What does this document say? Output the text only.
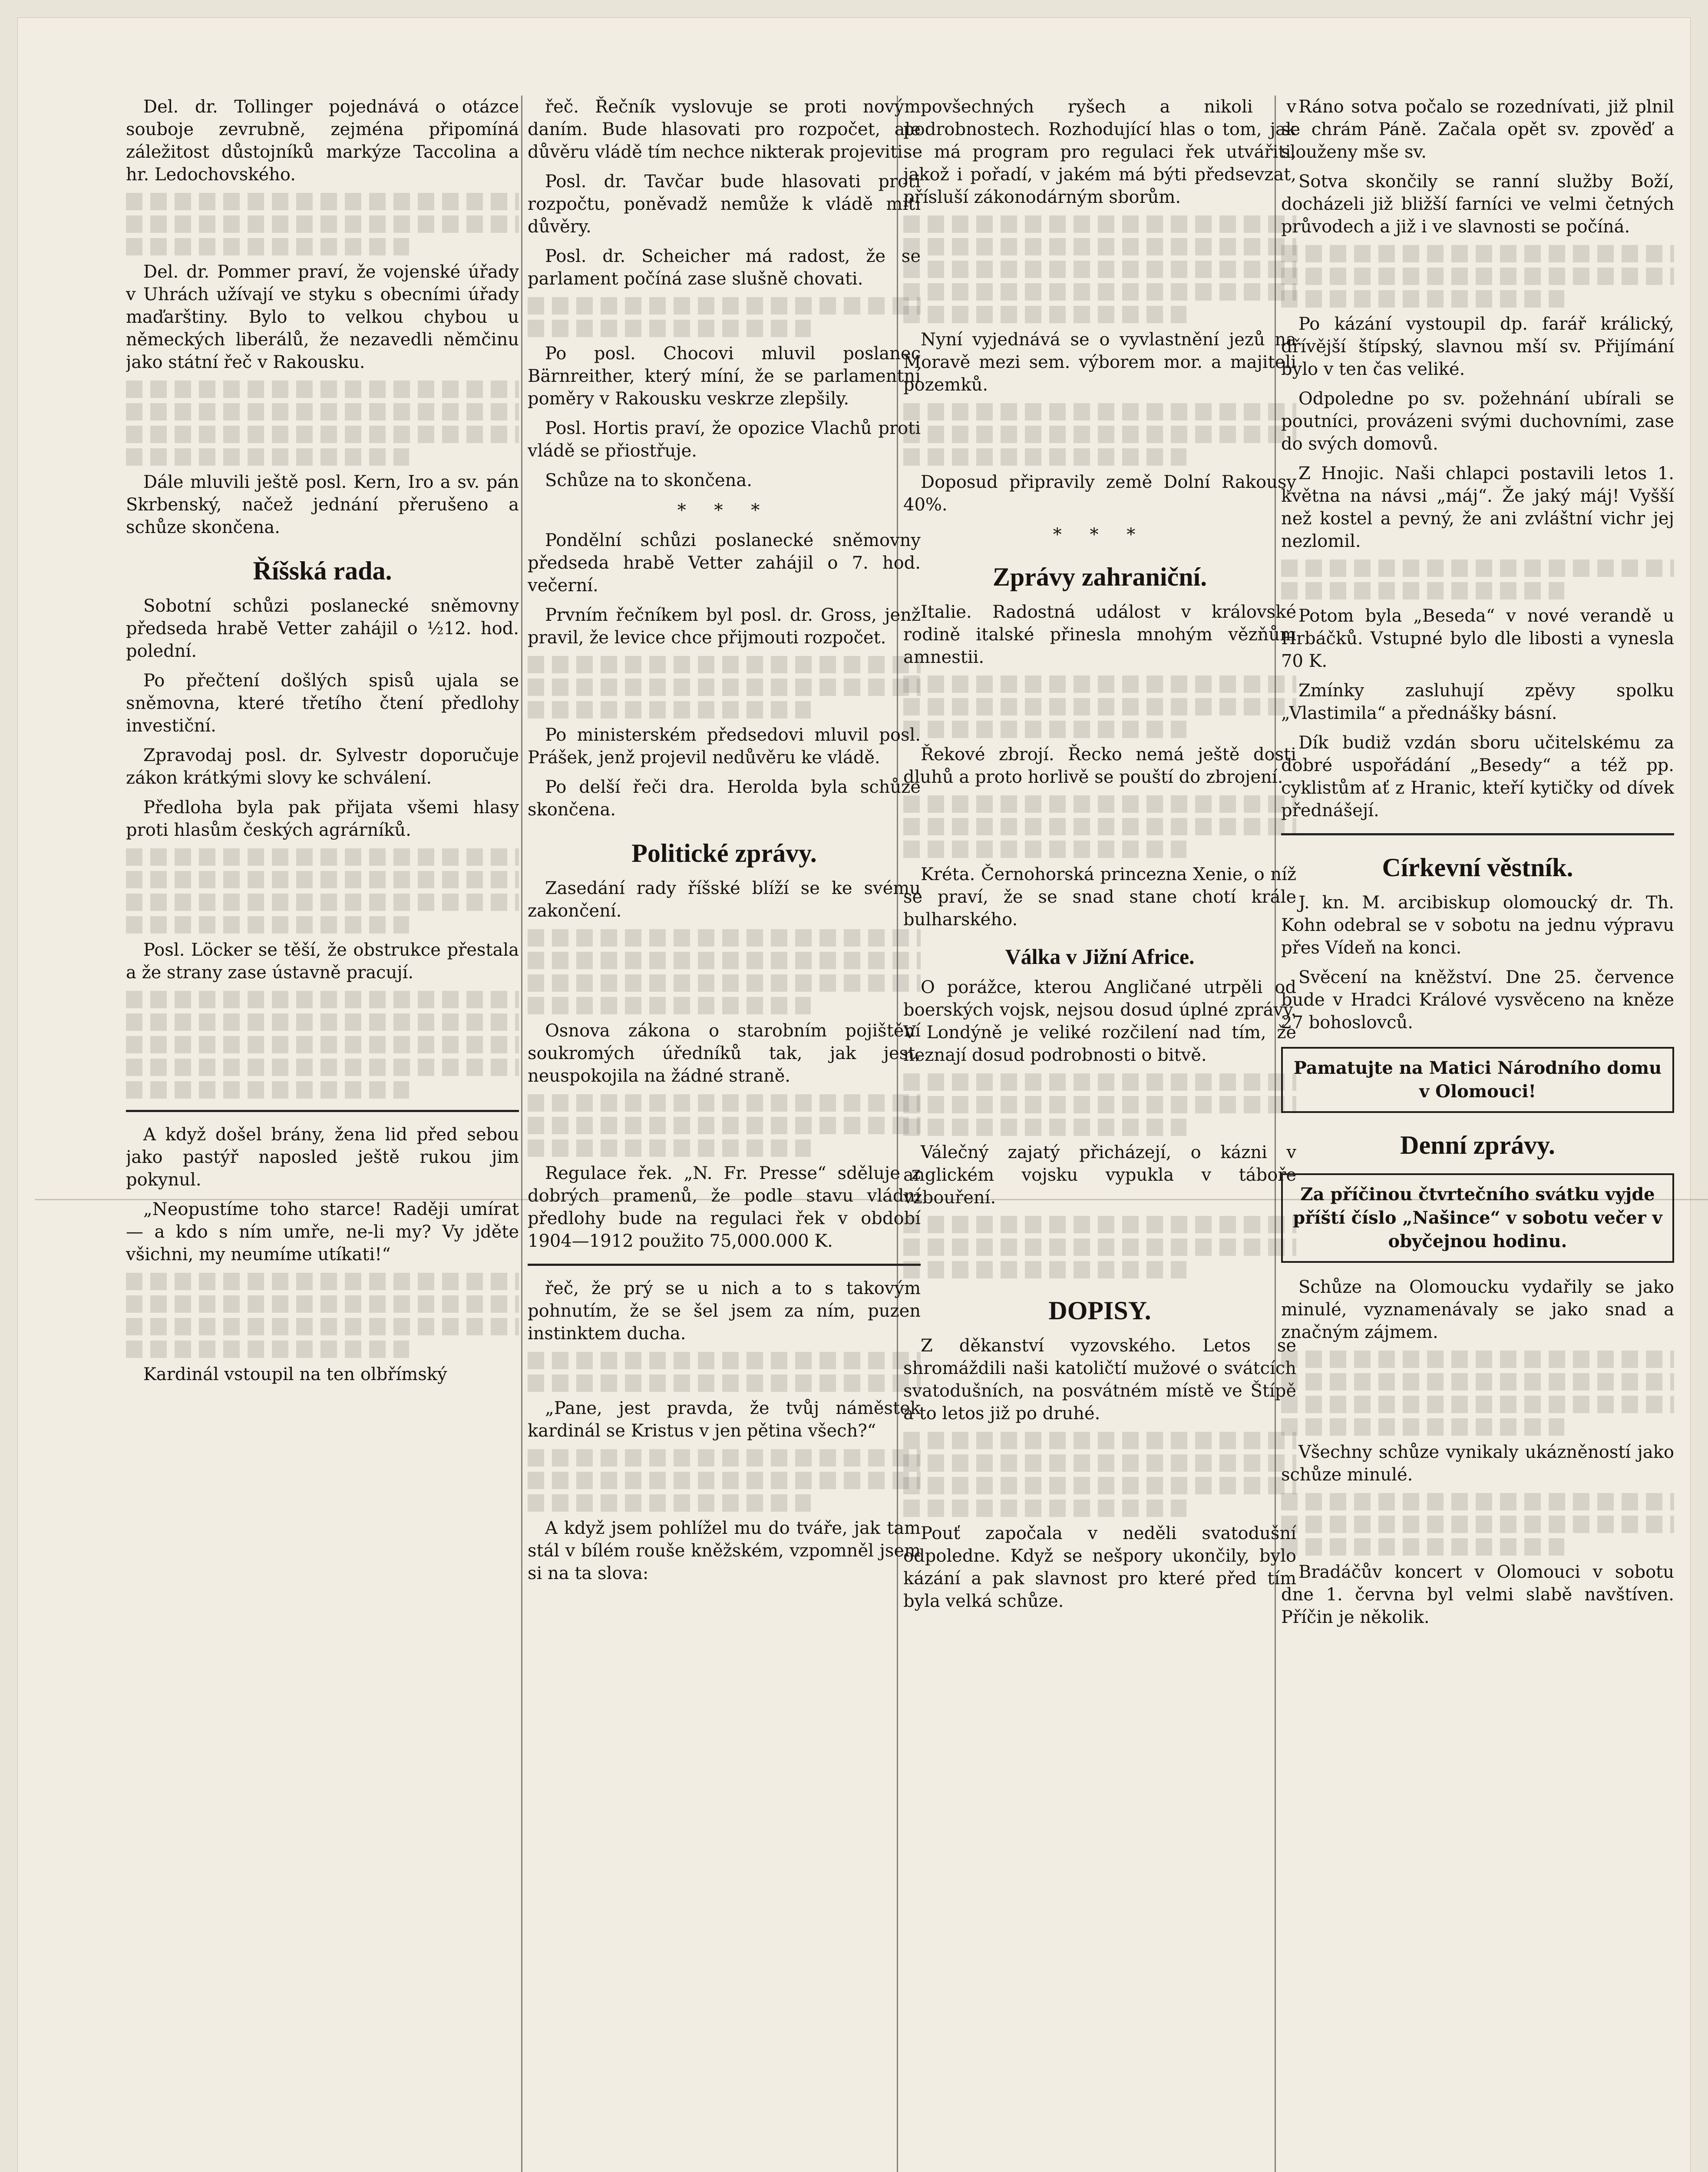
Del. dr. Tollinger pojednává o otázce souboje zevrubně, zejména připomíná záležitost důstojníků markýze Taccolina a hr. Ledochovského.

Del. dr. Pommer praví, že vojenské úřady v Uhrách užívají ve styku s obecními úřady maďarštiny. Bylo to velkou chybou u německých liberálů, že nezavedli němčinu jako státní řeč v Rakousku.

Dále mluvili ještě posl. Kern, Iro a sv. pán Skrbenský, načež jednání přerušeno a schůze skončena.

Říšská rada.

Sobotní schůzi poslanecké sněmovny předseda hrabě Vetter zahájil o ½12. hod. polední.

Po přečtení došlých spisů ujala se sněmovna, které třetího čtení předlohy investiční.

Zpravodaj posl. dr. Sylvestr doporučuje zákon krátkými slovy ke schválení.

Předloha byla pak přijata všemi hlasy proti hlasům českých agrárníků.

Posl. Löcker se těší, že obstrukce přestala a že strany zase ústavně pracují.

A když došel brány, žena lid před sebou jako pastýř naposled ještě rukou jim pokynul.

„Neopustíme toho starce! Raději umírat — a kdo s ním umře, ne-li my? Vy jděte všichni, my neumíme utíkati!“

Kardinál vstoupil na ten olbřímský

řeč. Řečník vyslovuje se proti novým daním. Bude hlasovati pro rozpočet, ale důvěru vládě tím nechce nikterak projeviti.

Posl. dr. Tavčar bude hlasovati proti rozpočtu, poněvadž nemůže k vládě míti důvěry.

Posl. dr. Scheicher má radost, že se parlament počíná zase slušně chovati.

Po posl. Chocovi mluvil poslanec Bärnreither, který míní, že se parlamentní poměry v Rakousku veskrze zlepšily.

Posl. Hortis praví, že opozice Vlachů proti vládě se přiostřuje.

Schůze na to skončena.

* * *

Pondělní schůzi poslanecké sněmovny předseda hrabě Vetter zahájil o 7. hod. večerní.

Prvním řečníkem byl posl. dr. Gross, jenž pravil, že levice chce přijmouti rozpočet.

Po ministerském předsedovi mluvil posl. Prášek, jenž projevil nedůvěru ke vládě.

Po delší řeči dra. Herolda byla schůze skončena.

Politické zprávy.

Zasedání rady říšské blíží se ke svému zakončení.

Osnova zákona o starobním pojištění soukromých úředníků tak, jak jest, neuspokojila na žádné straně.

Regulace řek. „N. Fr. Presse“ sděluje z dobrých pramenů, že podle stavu vládní předlohy bude na regulaci řek v období 1904—1912 použito 75,000.000 K.

řeč, že prý se u nich a to s takovým pohnutím, že se šel jsem za ním, puzen instinktem ducha.

„Pane, jest pravda, že tvůj náměstek kardinál se Kristus v jen pětina všech?“

A když jsem pohlížel mu do tváře, jak tam stál v bílém rouše kněžském, vzpomněl jsem si na ta slova:

povšechných ryšech a nikoli v podrobnostech. Rozhodující hlas o tom, jak se má program pro regulaci řek utvářiti, jakož i pořadí, v jakém má býti předsevzat, přísluší zákonodárným sborům.

Nyní vyjednává se o vyvlastnění jezů na Moravě mezi sem. výborem mor. a majiteli pozemků.

Doposud připravily země Dolní Rakousy 40%.

* * *
Zprávy zahraniční.

Italie. Radostná událost v královské rodině italské přinesla mnohým vězňům amnestii.

Řekové zbrojí. Řecko nemá ještě dosti dluhů a proto horlivě se pouští do zbrojení.

Kréta. Černohorská princezna Xenie, o níž se praví, že se snad stane chotí krále bulharského.

Válka v Jižní Africe.

O porážce, kterou Angličané utrpěli od boerských vojsk, nejsou dosud úplné zprávy. V Londýně je veliké rozčilení nad tím, že neznají dosud podrobnosti o bitvě.

Válečný zajatý přicházejí, o kázni v anglickém vojsku vypukla v táboře vzbouření.

DOPISY.

Z děkanství vyzovského. Letos se shromáždili naši katoličtí mužové o svátcích svatodušních, na posvátném místě ve Štípě a to letos již po druhé.

Pouť započala v neděli svatodušní odpoledne. Když se nešpory ukončily, bylo kázání a pak slavnost pro které před tím byla velká schůze.

Ráno sotva počalo se rozednívati, již plnil se chrám Páně. Začala opět sv. zpověď a slouženy mše sv.

Sotva skončily se ranní služby Boží, docházeli již bližší farníci ve velmi četných průvodech a již i ve slavnosti se počíná.

Po kázání vystoupil dp. farář králický, dřívější štípský, slavnou mší sv. Přijímání bylo v ten čas veliké.

Odpoledne po sv. požehnání ubírali se poutníci, provázeni svými duchovními, zase do svých domovů.

Z Hnojic. Naši chlapci postavili letos 1. května na návsi „máj“. Že jaký máj! Vyšší než kostel a pevný, že ani zvláštní vichr jej nezlomil.

Potom byla „Beseda“ v nové verandě u Hrbáčků. Vstupné bylo dle libosti a vynesla 70 K.

Zmínky zasluhují zpěvy spolku „Vlastimila“ a přednášky básní.

Dík budiž vzdán sboru učitelskému za dobré uspořádání „Besedy“ a též pp. cyklistům ať z Hranic, kteří kytičky od dívek přednášejí.

Církevní věstník.

J. kn. M. arcibiskup olomoucký dr. Th. Kohn odebral se v sobotu na jednu výpravu přes Vídeň na konci.

Svěcení na kněžství. Dne 25. července bude v Hradci Králové vysvěceno na kněze 27 bohoslovců.

Pamatujte na Matici Národního domu v Olomouci!
Denní zprávy.
Za příčinou čtvrtečního svátku vyjde příští číslo „Našince“ v sobotu večer v obyčejnou hodinu.

Schůze na Olomoucku vydařily se jako minulé, vyznamenávaly se jako snad a značným zájmem.

Všechny schůze vynikaly ukázněností jako schůze minulé.

Bradáčův koncert v Olomouci v sobotu dne 1. června byl velmi slabě navštíven. Příčin je několik.
